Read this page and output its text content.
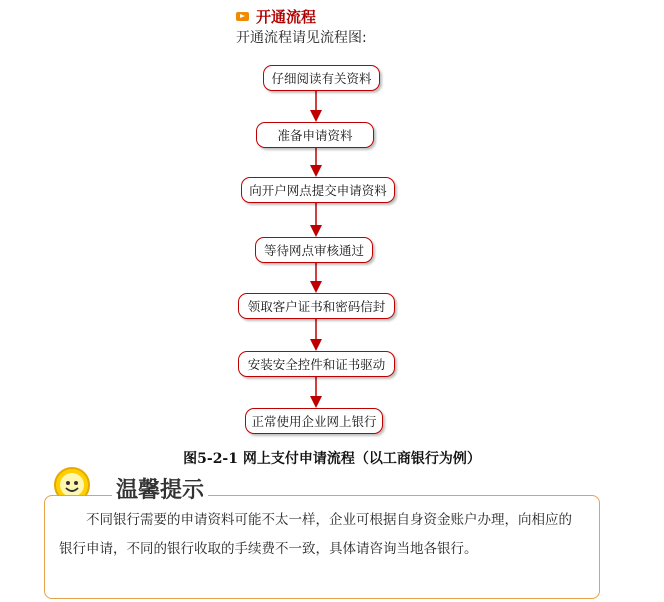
开通流程
开通流程请见流程图:
仔细阅读有关资料
准备申请资料
向开户网点提交申请资料
等待网点审核通过
领取客户证书和密码信封
安装安全控件和证书驱动
正常使用企业网上银行
图5-2-1 网上支付申请流程（以工商银行为例）
温馨提示

不同银行需要的申请资料可能不太一样，企业可根据自身资金账户办理，向相应的银行申请，不同的银行收取的手续费不一致，具体请咨询当地各银行。
